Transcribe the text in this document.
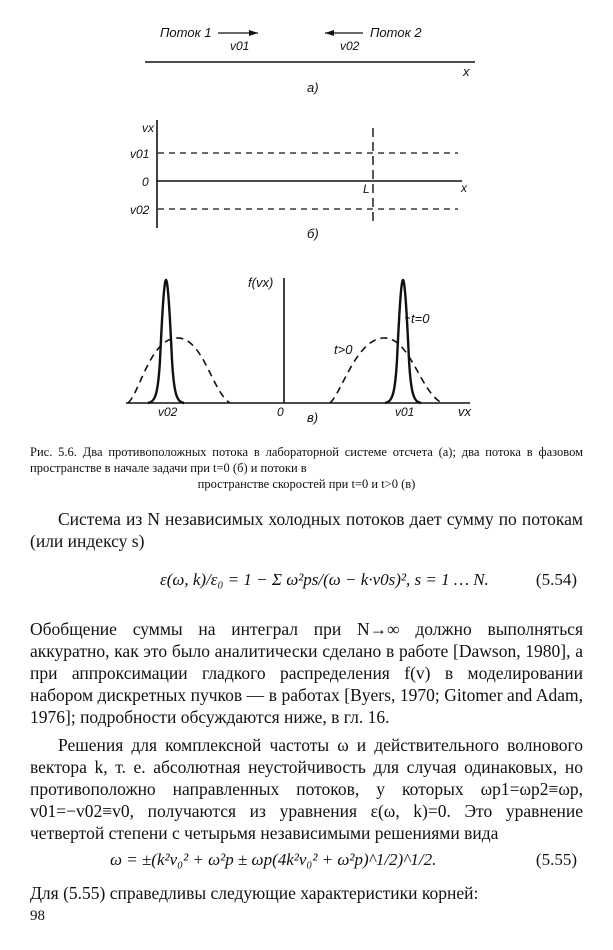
Поток 1
v01
Поток 2
v02
x
а)
vx
v01
0	x
v02
L
б)
f(vx)
t=0
t>0
v02	0	v01	vx
в)
Рис. 5.6. Два противоположных потока в лабораторной системе отсчета (а); два потока в фазовом пространстве в начале задачи при t=0 (б) и потоки в
пространстве скоростей при t=0 и t>0 (в)

Система из N независимых холодных потоков дает сумму по потокам (или индексу s)

ε(ω, k)/ε₀ = 1 − Σ ω²ps/(ω − k·v0s)², s = 1 … N.	(5.54)

Обобщение суммы на интеграл при N→∞ должно выполняться аккуратно, как это было аналитически сделано в работе [Dawson, 1980], а при аппроксимации гладкого распределения f(v) в моделировании набором дискретных пучков — в работах [Byers, 1970; Gitomer and Adam, 1976]; подробности обсуждаются ниже, в гл. 16.

Решения для комплексной частоты ω и действительного волнового вектора k, т. е. абсолютная неустойчивость для случая одинаковых, но противоположно направленных потоков, у которых ωp1=ωp2≡ωp, v01=−v02≡v0, получаются из уравнения ε(ω, k)=0. Это уравнение четвертой степени с четырьмя независимыми решениями вида

ω = ±(k²v₀² + ω²p ± ωp(4k²v₀² + ω²p)^1/2)^1/2.	(5.55)

Для (5.55) справедливы следующие характеристики корней:

98
